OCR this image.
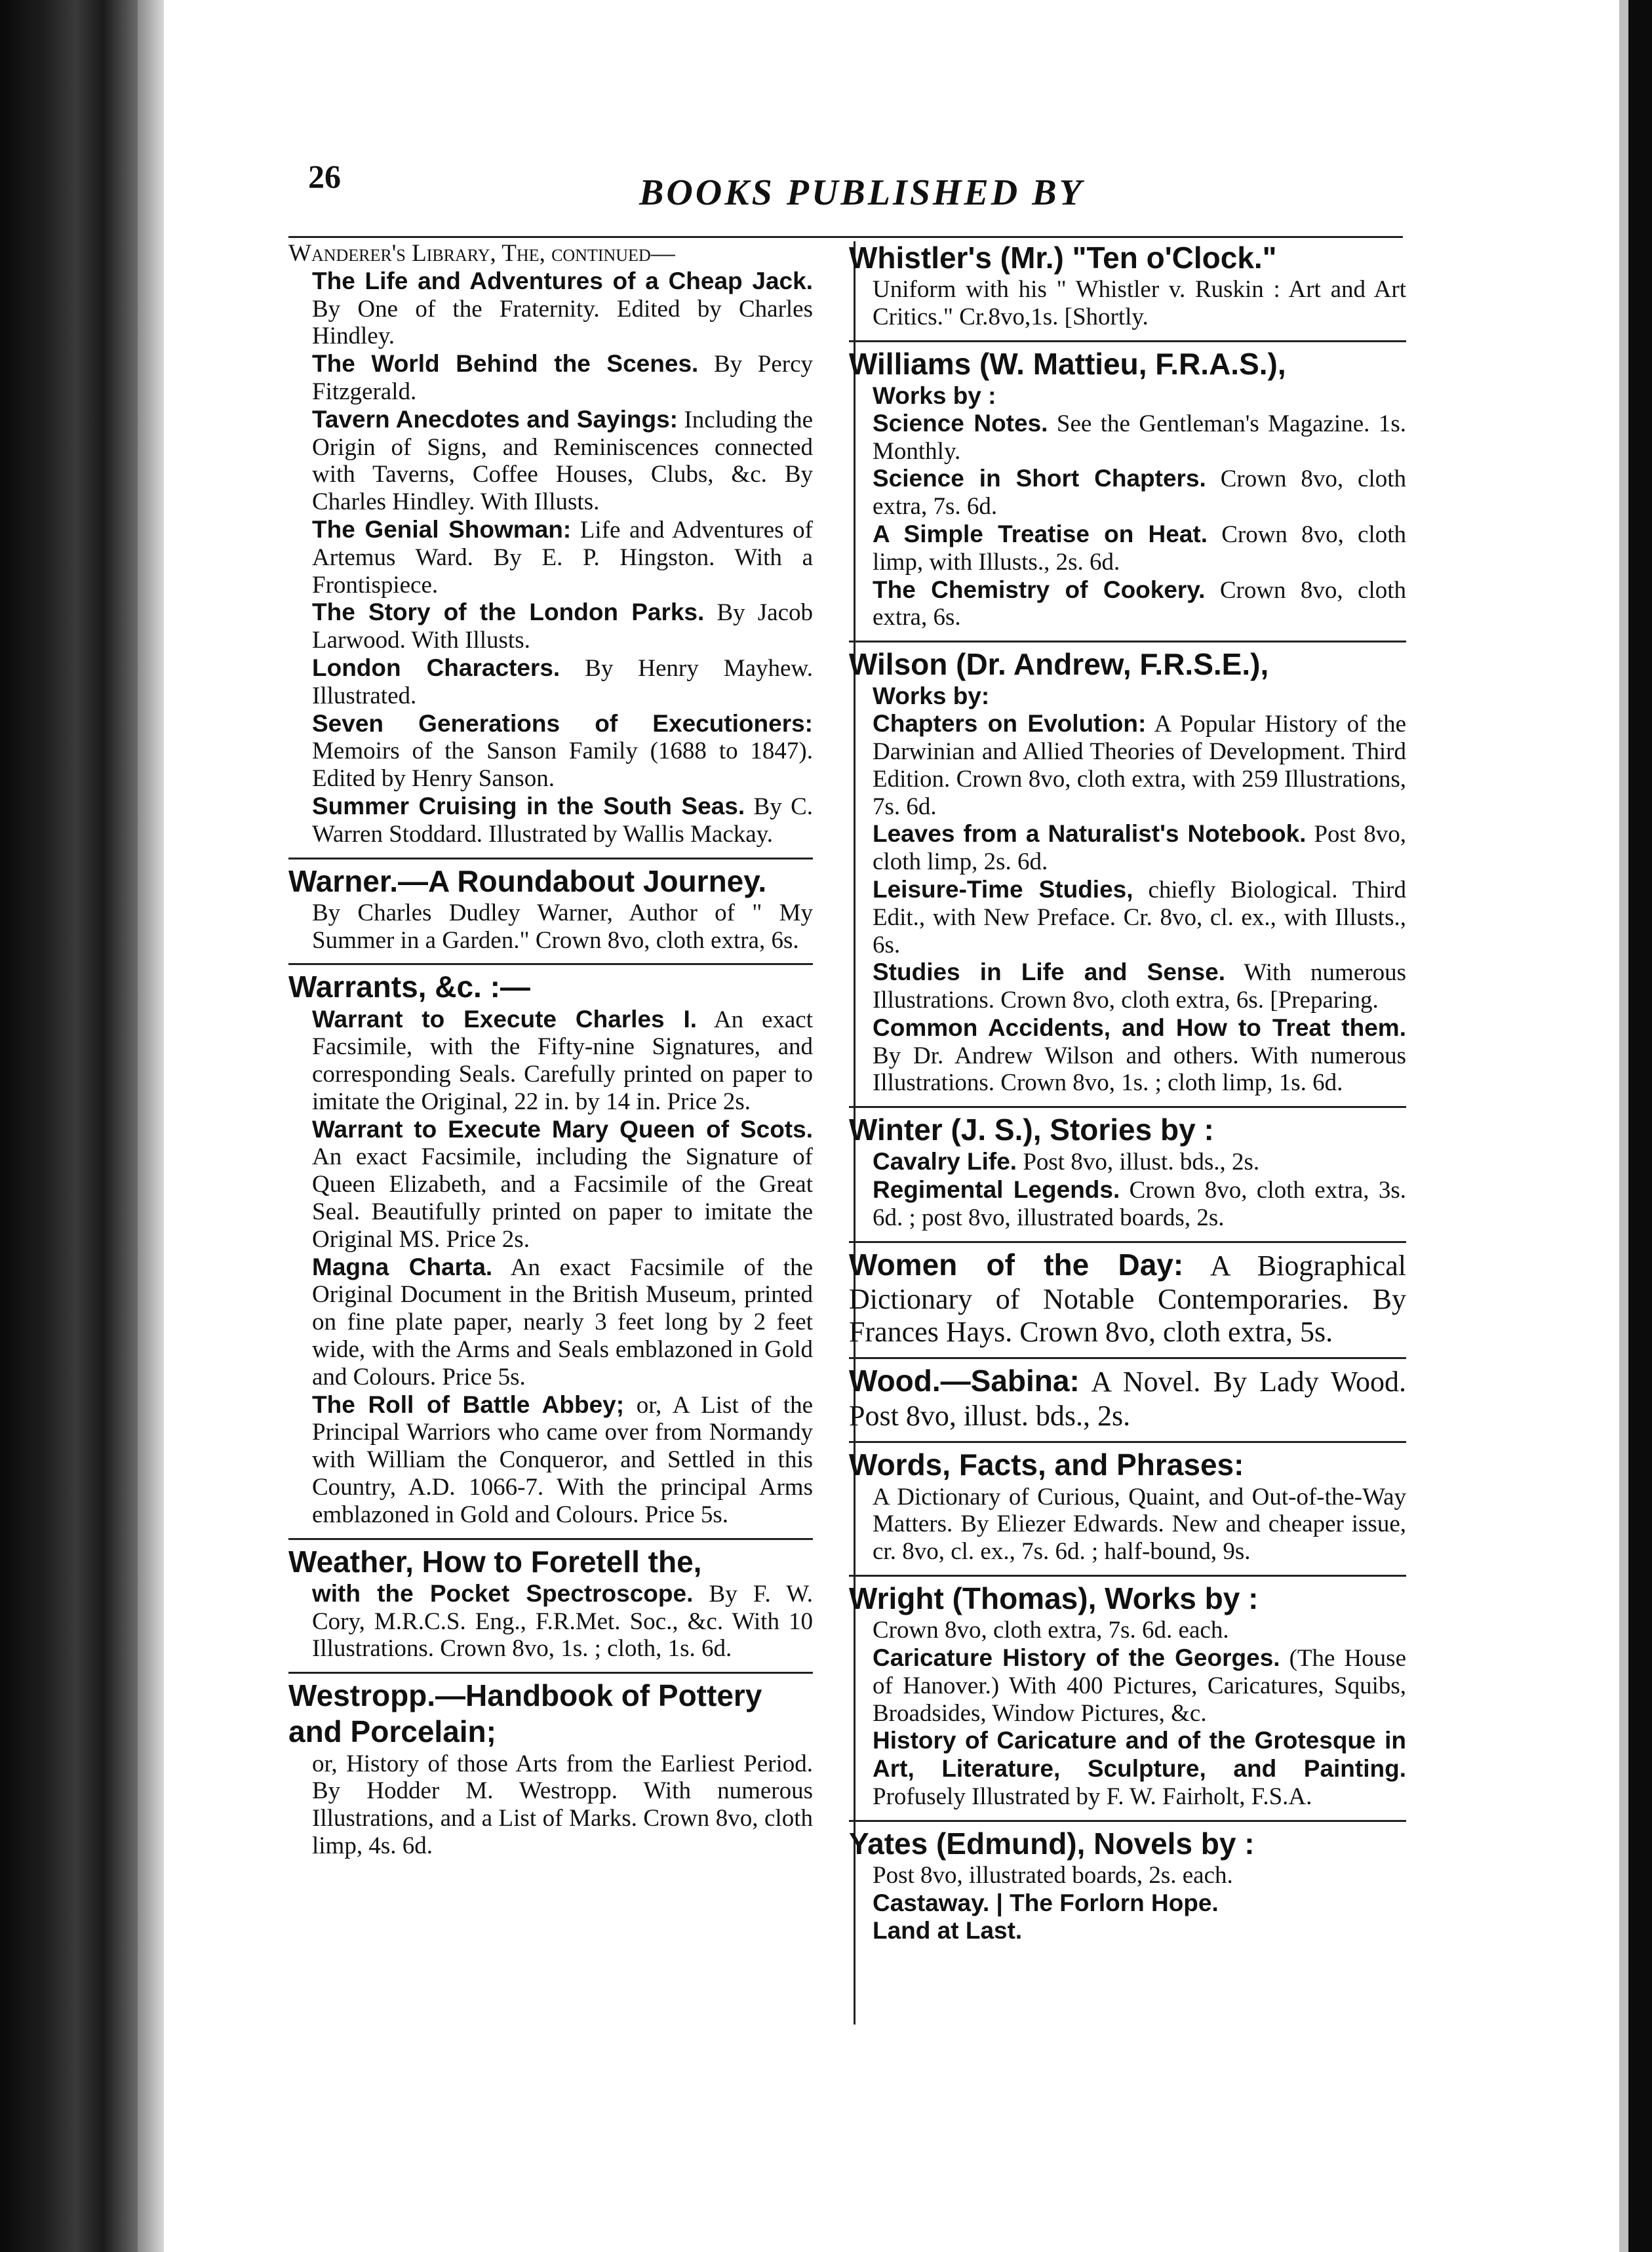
26	BOOKS PUBLISHED BY

Wanderer's Library, The, continued—

The Life and Adventures of a Cheap Jack. By One of the Fraternity. Edited by Charles Hindley.

The World Behind the Scenes. By Percy Fitzgerald.

Tavern Anecdotes and Sayings: Including the Origin of Signs, and Reminiscences connected with Taverns, Coffee Houses, Clubs, &c. By Charles Hindley. With Illusts.

The Genial Showman: Life and Adventures of Artemus Ward. By E. P. Hingston. With a Frontispiece.

The Story of the London Parks. By Jacob Larwood. With Illusts.

London Characters. By Henry Mayhew. Illustrated.

Seven Generations of Executioners: Memoirs of the Sanson Family (1688 to 1847). Edited by Henry Sanson.

Summer Cruising in the South Seas. By C. Warren Stoddard. Illustrated by Wallis Mackay.

Warner.—A Roundabout Journey.

By Charles Dudley Warner, Author of " My Summer in a Garden." Crown 8vo, cloth extra, 6s.

Warrants, &c. :—

Warrant to Execute Charles I. An exact Facsimile, with the Fifty-nine Signatures, and corresponding Seals. Carefully printed on paper to imitate the Original, 22 in. by 14 in. Price 2s.

Warrant to Execute Mary Queen of Scots. An exact Facsimile, including the Signature of Queen Elizabeth, and a Facsimile of the Great Seal. Beautifully printed on paper to imitate the Original MS. Price 2s.

Magna Charta. An exact Facsimile of the Original Document in the British Museum, printed on fine plate paper, nearly 3 feet long by 2 feet wide, with the Arms and Seals emblazoned in Gold and Colours. Price 5s.

The Roll of Battle Abbey; or, A List of the Principal Warriors who came over from Normandy with William the Conqueror, and Settled in this Country, A.D. 1066-7. With the principal Arms emblazoned in Gold and Colours. Price 5s.

Weather, How to Foretell the,

with the Pocket Spectroscope. By F. W. Cory, M.R.C.S. Eng., F.R.Met. Soc., &c. With 10 Illustrations. Crown 8vo, 1s. ; cloth, 1s. 6d.

Westropp.—Handbook of Pottery and Porcelain;

or, History of those Arts from the Earliest Period. By Hodder M. Westropp. With numerous Illustrations, and a List of Marks. Crown 8vo, cloth limp, 4s. 6d.

Whistler's (Mr.) "Ten o'Clock."

Uniform with his " Whistler v. Ruskin : Art and Art Critics." Cr.8vo,1s. [Shortly.

Williams (W. Mattieu, F.R.A.S.),

Works by :

Science Notes. See the Gentleman's Magazine. 1s. Monthly.

Science in Short Chapters. Crown 8vo, cloth extra, 7s. 6d.

A Simple Treatise on Heat. Crown 8vo, cloth limp, with Illusts., 2s. 6d.

The Chemistry of Cookery. Crown 8vo, cloth extra, 6s.

Wilson (Dr. Andrew, F.R.S.E.),

Works by:

Chapters on Evolution: A Popular History of the Darwinian and Allied Theories of Development. Third Edition. Crown 8vo, cloth extra, with 259 Illustrations, 7s. 6d.

Leaves from a Naturalist's Notebook. Post 8vo, cloth limp, 2s. 6d.

Leisure-Time Studies, chiefly Biological. Third Edit., with New Preface. Cr. 8vo, cl. ex., with Illusts., 6s.

Studies in Life and Sense. With numerous Illustrations. Crown 8vo, cloth extra, 6s. [Preparing.

Common Accidents, and How to Treat them. By Dr. Andrew Wilson and others. With numerous Illustrations. Crown 8vo, 1s. ; cloth limp, 1s. 6d.

Winter (J. S.), Stories by :

Cavalry Life. Post 8vo, illust. bds., 2s.

Regimental Legends. Crown 8vo, cloth extra, 3s. 6d. ; post 8vo, illustrated boards, 2s.

Women of the Day: A Biographical Dictionary of Notable Contemporaries. By Frances Hays. Crown 8vo, cloth extra, 5s.

Wood.—Sabina: A Novel. By Lady Wood. Post 8vo, illust. bds., 2s.

Words, Facts, and Phrases:

A Dictionary of Curious, Quaint, and Out-of-the-Way Matters. By Eliezer Edwards. New and cheaper issue, cr. 8vo, cl. ex., 7s. 6d. ; half-bound, 9s.

Wright (Thomas), Works by :

Crown 8vo, cloth extra, 7s. 6d. each.

Caricature History of the Georges. (The House of Hanover.) With 400 Pictures, Caricatures, Squibs, Broadsides, Window Pictures, &c.

History of Caricature and of the Grotesque in Art, Literature, Sculpture, and Painting. Profusely Illustrated by F. W. Fairholt, F.S.A.

Yates (Edmund), Novels by :

Post 8vo, illustrated boards, 2s. each.

Castaway. | The Forlorn Hope.

Land at Last.
